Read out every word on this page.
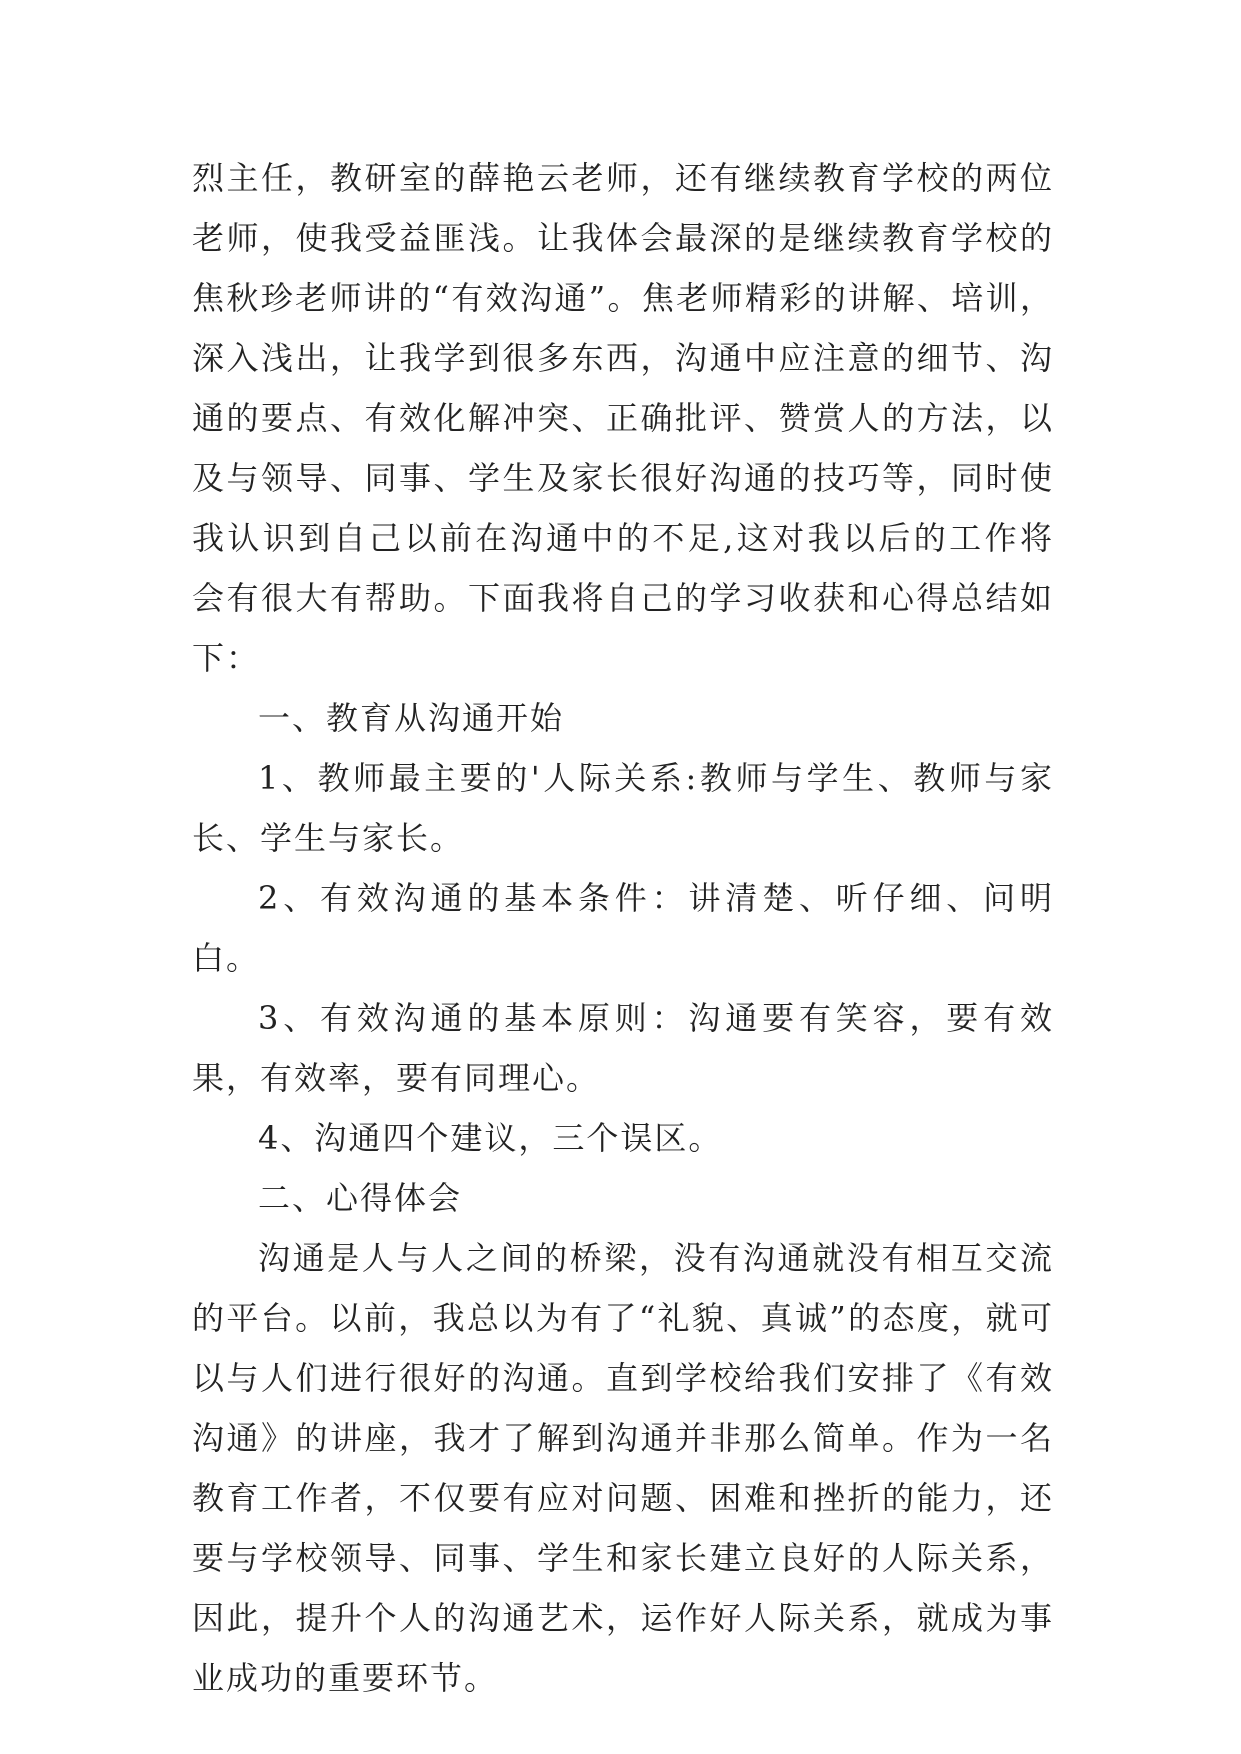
烈主任，教研室的薛艳云老师，还有继续教育学校的两位老师，使我受益匪浅。让我体会最深的是继续教育学校的焦秋珍老师讲的“有效沟通”。焦老师精彩的讲解、培训，深入浅出，让我学到很多东西，沟通中应注意的细节、沟通的要点、有效化解冲突、正确批评、赞赏人的方法，以及与领导、同事、学生及家长很好沟通的技巧等，同时使我认识到自己以前在沟通中的不足,这对我以后的工作将会有很大有帮助。下面我将自己的学习收获和心得总结如下：

一、教育从沟通开始

1、教师最主要的'人际关系:教师与学生、教师与家长、学生与家长。

2、有效沟通的基本条件：讲清楚、听仔细、问明白。

3、有效沟通的基本原则：沟通要有笑容，要有效果，有效率，要有同理心。

4、沟通四个建议，三个误区。

二、心得体会

沟通是人与人之间的桥梁，没有沟通就没有相互交流的平台。以前，我总以为有了“礼貌、真诚”的态度，就可以与人们进行很好的沟通。直到学校给我们安排了《有效沟通》的讲座，我才了解到沟通并非那么简单。作为一名教育工作者，不仅要有应对问题、困难和挫折的能力，还要与学校领导、同事、学生和家长建立良好的人际关系，因此，提升个人的沟通艺术，运作好人际关系，就成为事业成功的重要环节。
